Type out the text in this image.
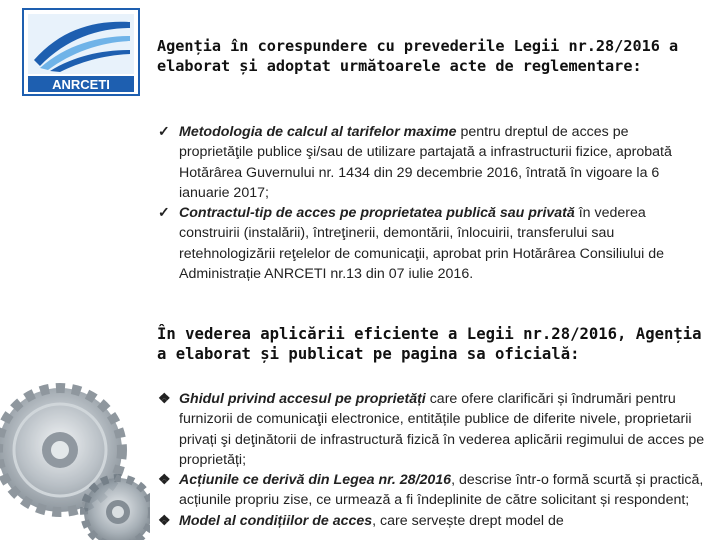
ANRCETI

Agenția în corespundere cu prevederile Legii nr.28/2016 a elaborat și adoptat următoarele acte de reglementare:

✓ Metodologia de calcul al tarifelor maxime pentru dreptul de acces pe proprietăţile publice şi/sau de utilizare partajată a infrastructurii fizice, aprobată Hotărârea Guvernului nr. 1434 din 29 decembrie 2016, întrată în vigoare la 6 ianuarie 2017;
✓ Contractul-tip de acces pe proprietatea publică sau privată în vederea construirii (instalării), întreţinerii, demontării, înlocuirii, transferului sau retehnologizării reţelelor de comunicaţii, aprobat prin Hotărârea Consiliului de Administrație ANRCETI nr.13 din 07 iulie 2016.

În vederea aplicării eficiente a Legii nr.28/2016, Agenția a elaborat și publicat pe pagina sa oficială:

❖ Ghidul privind accesul pe proprietăți care ofere clarificări și îndrumări pentru furnizorii de comunicaţii electronice, entitățile publice de diferite nivele, proprietarii privați şi deţinătorii de infrastructură fizică în vederea aplicării regimului de acces pe proprietăți;
❖ Acțiunile ce derivă din Legea nr. 28/2016, descrise într-o formă scurtă și practică, acțiunile propriu zise, ce urmează a fi îndeplinite de către solicitant și respondent;
❖ Model al condițiilor de acces, care servește drept model de
